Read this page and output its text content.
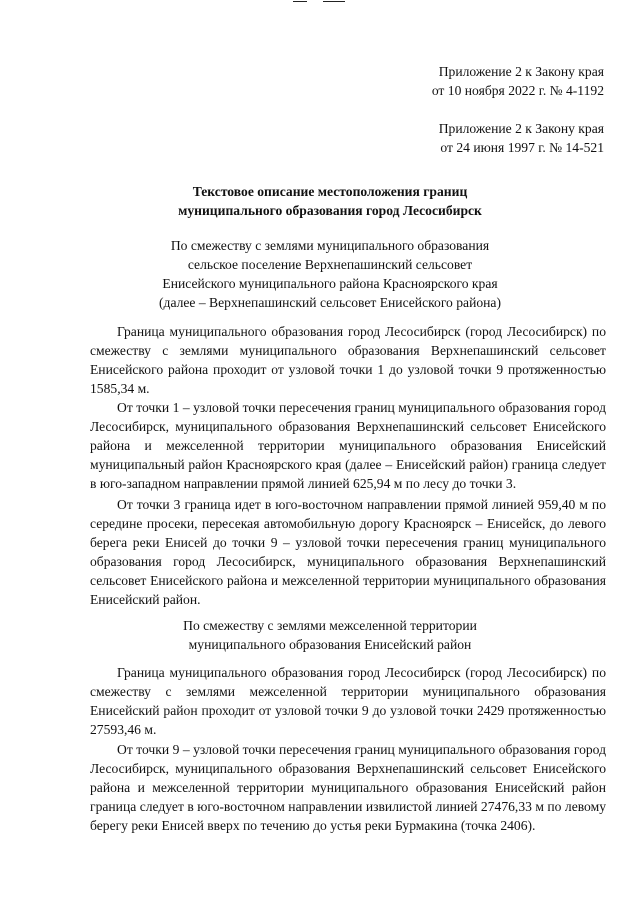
Приложение 2 к Закону края
от 10 ноября 2022 г. № 4-1192
Приложение 2 к Закону края
от 24 июня 1997 г. № 14-521
Текстовое описание местоположения границ
муниципального образования город Лесосибирск
По смежеству с землями муниципального образования
сельское поселение Верхнепашинский сельсовет
Енисейского муниципального района Красноярского края
(далее – Верхнепашинский сельсовет Енисейского района)

Граница муниципального образования город Лесосибирск (город Лесосибирск) по смежеству с землями муниципального образования Верхнепашинский сельсовет Енисейского района проходит от узловой точки 1 до узловой точки 9 протяженностью 1585,34 м.

От точки 1 – узловой точки пересечения границ муниципального образования город Лесосибирск, муниципального образования Верхнепашинский сельсовет Енисейского района и межселенной территории муниципального образования Енисейский муниципальный район Красноярского края (далее – Енисейский район) граница следует в юго-западном направлении прямой линией 625,94 м по лесу до точки 3.

От точки 3 граница идет в юго-восточном направлении прямой линией 959,40 м по середине просеки, пересекая автомобильную дорогу Красноярск – Енисейск, до левого берега реки Енисей до точки 9 – узловой точки пересечения границ муниципального образования город Лесосибирск, муниципального образования Верхнепашинский сельсовет Енисейского района и межселенной территории муниципального образования Енисейский район.

По смежеству с землями межселенной территории
муниципального образования Енисейский район

Граница муниципального образования город Лесосибирск (город Лесосибирск) по смежеству с землями межселенной территории муниципального образования Енисейский район проходит от узловой точки 9 до узловой точки 2429 протяженностью 27593,46 м.

От точки 9 – узловой точки пересечения границ муниципального образования город Лесосибирск, муниципального образования Верхнепашинский сельсовет Енисейского района и межселенной территории муниципального образования Енисейский район граница следует в юго-восточном направлении извилистой линией 27476,33 м по левому берегу реки Енисей вверх по течению до устья реки Бурмакина (точка 2406).
